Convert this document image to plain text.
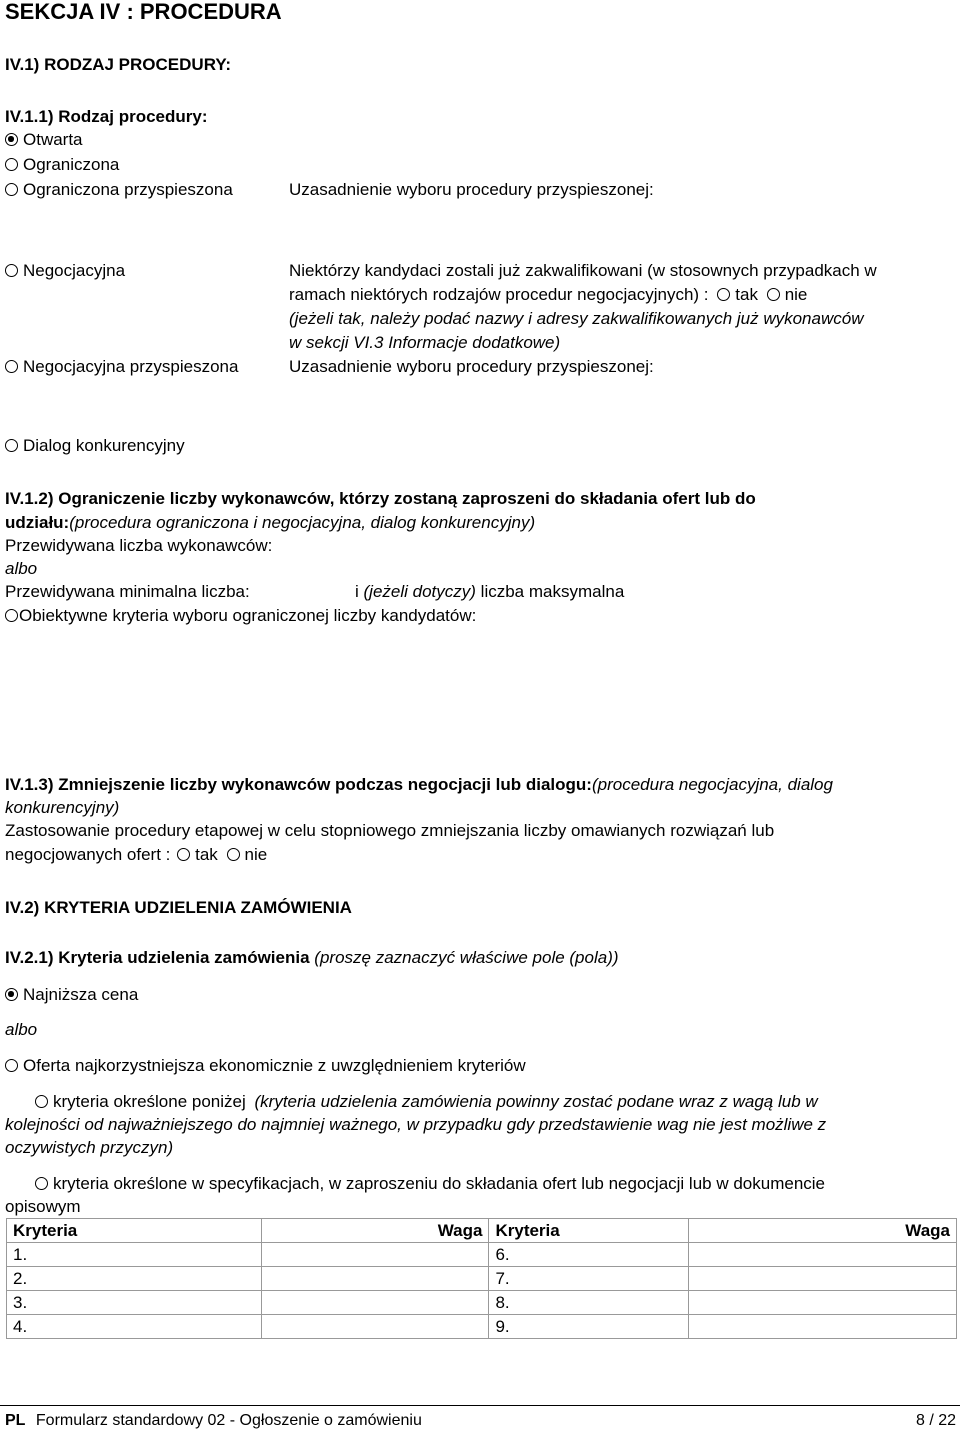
SEKCJA IV : PROCEDURA
IV.1) RODZAJ PROCEDURY:
IV.1.1) Rodzaj procedury:
Otwarta
Ograniczona
Ograniczona przyspieszona	Uzasadnienie wyboru procedury przyspieszonej:
Negocjacyjna	Niektórzy kandydaci zostali już zakwalifikowani (w stosownych przypadkach w
ramach niektórych rodzajów procedur negocjacyjnych) : tak nie
(jeżeli tak, należy podać nazwy i adresy zakwalifikowanych już wykonawców
w sekcji VI.3 Informacje dodatkowe)
Negocjacyjna przyspieszona	Uzasadnienie wyboru procedury przyspieszonej:
Dialog konkurencyjny
IV.1.2) Ograniczenie liczby wykonawców, którzy zostaną zaproszeni do składania ofert lub do
udziału:(procedura ograniczona i negocjacyjna, dialog konkurencyjny)
Przewidywana liczba wykonawców:
albo
Przewidywana minimalna liczba:	i (jeżeli dotyczy) liczba maksymalna
Obiektywne kryteria wyboru ograniczonej liczby kandydatów:
IV.1.3) Zmniejszenie liczby wykonawców podczas negocjacji lub dialogu:(procedura negocjacyjna, dialog
konkurencyjny)
Zastosowanie procedury etapowej w celu stopniowego zmniejszania liczby omawianych rozwiązań lub
negocjowanych ofert : tak nie
IV.2) KRYTERIA UDZIELENIA ZAMÓWIENIA
IV.2.1) Kryteria udzielenia zamówienia (proszę zaznaczyć właściwe pole (pola))
Najniższa cena
albo
Oferta najkorzystniejsza ekonomicznie z uwzględnieniem kryteriów
kryteria określone poniżej (kryteria udzielenia zamówienia powinny zostać podane wraz z wagą lub w
kolejności od najważniejszego do najmniej ważnego, w przypadku gdy przedstawienie wag nie jest możliwe z
oczywistych przyczyn)
kryteria określone w specyfikacjach, w zaproszeniu do składania ofert lub negocjacji lub w dokumencie
opisowym
Kryteria	Waga	Kryteria	Waga
1.		6.	
2.		7.	
3.		8.	
4.		9.	
PL Formularz standardowy 02 - Ogłoszenie o zamówieniu	8 / 22
